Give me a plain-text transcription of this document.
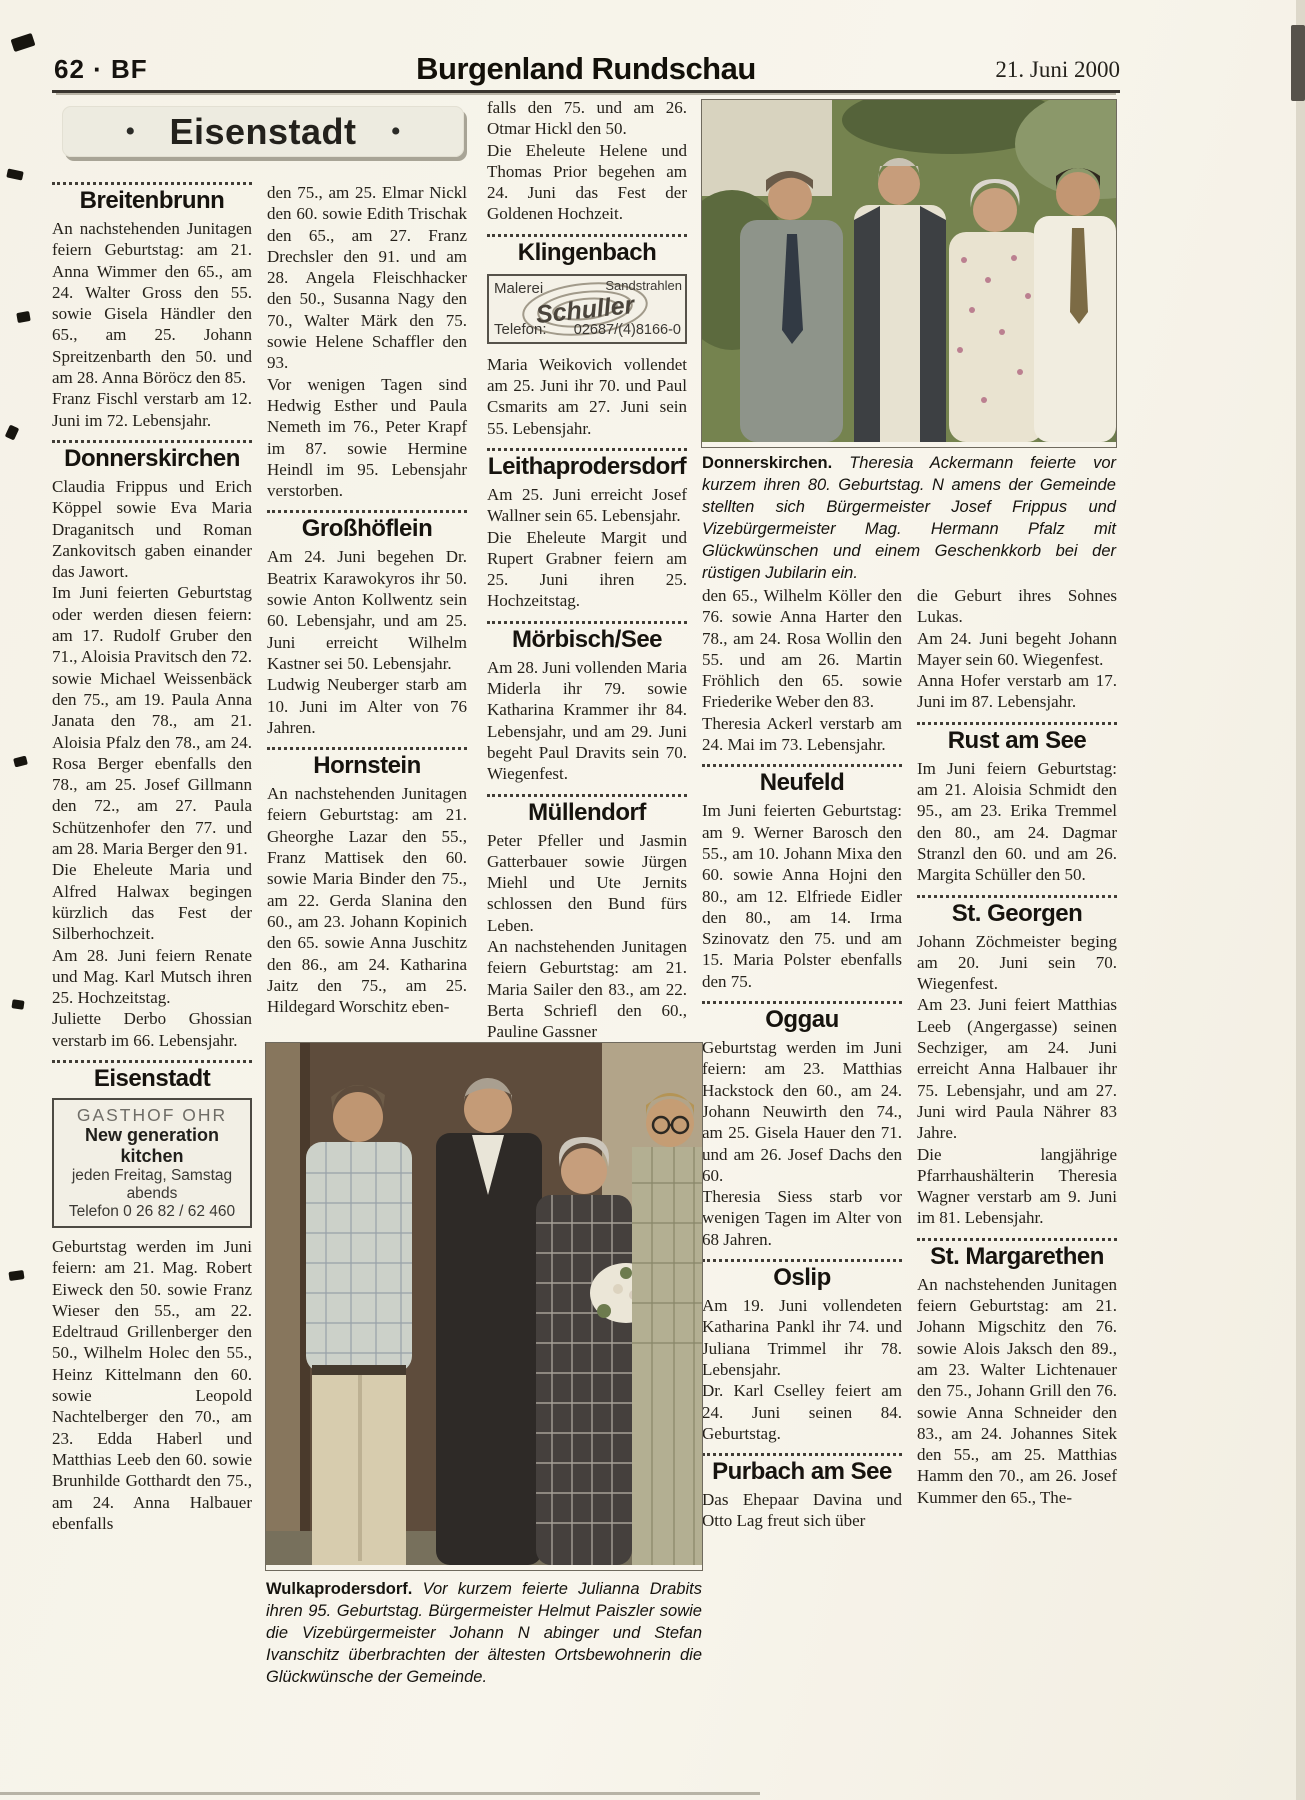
62 · BF	Burgenland Rundschau	21. Juni 2000
• Eisenstadt •
Breitenbrunn

An nachstehenden Junitagen feiern Geburtstag: am 21. Anna Wimmer den 65., am 24. Walter Gross den 55. sowie Gisela Händler den 65., am 25. Johann Spreitzenbarth den 50. und am 28. Anna Böröcz den 85.

Franz Fischl verstarb am 12. Juni im 72. Lebensjahr.

Donnerskirchen

Claudia Frippus und Erich Köppel sowie Eva Maria Draganitsch und Roman Zankovitsch gaben einander das Jawort.

Im Juni feierten Geburtstag oder werden diesen feiern: am 17. Rudolf Gruber den 71., Aloisia Pravitsch den 72. sowie Michael Weissenbäck den 75., am 19. Paula Anna Janata den 78., am 21. Aloisia Pfalz den 78., am 24. Rosa Berger ebenfalls den 78., am 25. Josef Gillmann den 72., am 27. Paula Schützenhofer den 77. und am 28. Maria Berger den 91.

Die Eheleute Maria und Alfred Halwax begingen kürzlich das Fest der Silberhochzeit.

Am 28. Juni feiern Renate und Mag. Karl Mutsch ihren 25. Hochzeitstag.

Juliette Derbo Ghossian verstarb im 66. Lebensjahr.

Eisenstadt
GASTHOF OHR
New generation kitchen
jeden Freitag, Samstag abends
Telefon 0 26 82 / 62 460

Geburtstag werden im Juni feiern: am 21. Mag. Robert Eiweck den 50. sowie Franz Wieser den 55., am 22. Edeltraud Grillenberger den 50., Wilhelm Holec den 55., Heinz Kittelmann den 60. sowie Leopold Nachtelberger den 70., am 23. Edda Haberl und Matthias Leeb den 60. sowie Brunhilde Gotthardt den 75., am 24. Anna Halbauer ebenfalls

den 75., am 25. Elmar Nickl den 60. sowie Edith Trischak den 65., am 27. Franz Drechsler den 91. und am 28. Angela Fleischhacker den 50., Susanna Nagy den 70., Walter Märk den 75. sowie Helene Schaffler den 93.

Vor wenigen Tagen sind Hedwig Esther und Paula Nemeth im 76., Peter Krapf im 87. sowie Hermine Heindl im 95. Lebensjahr verstorben.

Großhöflein

Am 24. Juni begehen Dr. Beatrix Karawokyros ihr 50. sowie Anton Kollwentz sein 60. Lebensjahr, und am 25. Juni erreicht Wilhelm Kastner sei 50. Lebensjahr.

Ludwig Neuberger starb am 10. Juni im Alter von 76 Jahren.

Hornstein

An nachstehenden Junitagen feiern Geburtstag: am 21. Gheorghe Lazar den 55., Franz Mattisek den 60. sowie Maria Binder den 75., am 22. Gerda Slanina den 60., am 23. Johann Kopinich den 65. sowie Anna Juschitz den 86., am 24. Katharina Jaitz den 75., am 25. Hildegard Worschitz eben-

falls den 75. und am 26. Otmar Hickl den 50.

Die Eheleute Helene und Thomas Prior begehen am 24. Juni das Fest der Goldenen Hochzeit.

Klingenbach
Schuller
Malerei	Sandstrahlen
Telefon: 02687/(4)8166-0

Maria Weikovich vollendet am 25. Juni ihr 70. und Paul Csmarits am 27. Juni sein 55. Lebensjahr.

Leithaprodersdorf

Am 25. Juni erreicht Josef Wallner sein 65. Lebensjahr.

Die Eheleute Margit und Rupert Grabner feiern am 25. Juni ihren 25. Hochzeitstag.

Mörbisch/See

Am 28. Juni vollenden Maria Miderla ihr 79. sowie Katharina Krammer ihr 84. Lebensjahr, und am 29. Juni begeht Paul Dravits sein 70. Wiegenfest.

Müllendorf

Peter Pfeller und Jasmin Gatterbauer sowie Jürgen Miehl und Ute Jernits schlossen den Bund fürs Leben.

An nachstehenden Junitagen feiern Geburtstag: am 21. Maria Sailer den 83., am 22. Berta Schriefl den 60., Pauline Gassner

den 65., Wilhelm Köller den 76. sowie Anna Harter den 78., am 24. Rosa Wollin den 55. und am 26. Martin Fröhlich den 65. sowie Friederike Weber den 83.

Theresia Ackerl verstarb am 24. Mai im 73. Lebensjahr.

Neufeld

Im Juni feierten Geburtstag: am 9. Werner Barosch den 55., am 10. Johann Mixa den 60. sowie Anna Hojni den 80., am 12. Elfriede Eidler den 80., am 14. Irma Szinovatz den 75. und am 15. Maria Polster ebenfalls den 75.

Oggau

Geburtstag werden im Juni feiern: am 23. Matthias Hackstock den 60., am 24. Johann Neuwirth den 74., am 25. Gisela Hauer den 71. und am 26. Josef Dachs den 60.

Theresia Siess starb vor wenigen Tagen im Alter von 68 Jahren.

Oslip

Am 19. Juni vollendeten Katharina Pankl ihr 74. und Juliana Trimmel ihr 78. Lebensjahr.

Dr. Karl Cselley feiert am 24. Juni seinen 84. Geburtstag.

Purbach am See

Das Ehepaar Davina und Otto Lag freut sich über

die Geburt ihres Sohnes Lukas.

Am 24. Juni begeht Johann Mayer sein 60. Wiegenfest.

Anna Hofer verstarb am 17. Juni im 87. Lebensjahr.

Rust am See

Im Juni feiern Geburtstag: am 21. Aloisia Schmidt den 95., am 23. Erika Tremmel den 80., am 24. Dagmar Stranzl den 60. und am 26. Margita Schüller den 50.

St. Georgen

Johann Zöchmeister beging am 20. Juni sein 70. Wiegenfest.

Am 23. Juni feiert Matthias Leeb (Angergasse) seinen Sechziger, am 24. Juni erreicht Anna Halbauer ihr 75. Lebensjahr, und am 27. Juni wird Paula Nährer 83 Jahre.

Die langjährige Pfarrhaushälterin Theresia Wagner verstarb am 9. Juni im 81. Lebensjahr.

St. Margarethen

An nachstehenden Junitagen feiern Geburtstag: am 21. Johann Migschitz den 76. sowie Alois Jaksch den 89., am 23. Walter Lichtenauer den 75., Johann Grill den 76. sowie Anna Schneider den 83., am 24. Johannes Sitek den 55., am 25. Matthias Hamm den 70., am 26. Josef Kummer den 65., The-

Donnerskirchen. Theresia Ackermann feierte vor kurzem ihren 80. Geburtstag. N amens der Gemeinde stellten sich Bürgermeister Josef Frippus und Vizebürgermeister Mag. Hermann Pfalz mit Glückwünschen und einem Geschenkkorb bei der rüstigen Jubilarin ein.
Wulkaprodersdorf. Vor kurzem feierte Julianna Drabits ihren 95. Geburtstag. Bürgermeister Helmut Paiszler sowie die Vizebürgermeister Johann N abinger und Stefan Ivanschitz überbrachten der ältesten Ortsbewohnerin die Glückwünsche der Gemeinde.
